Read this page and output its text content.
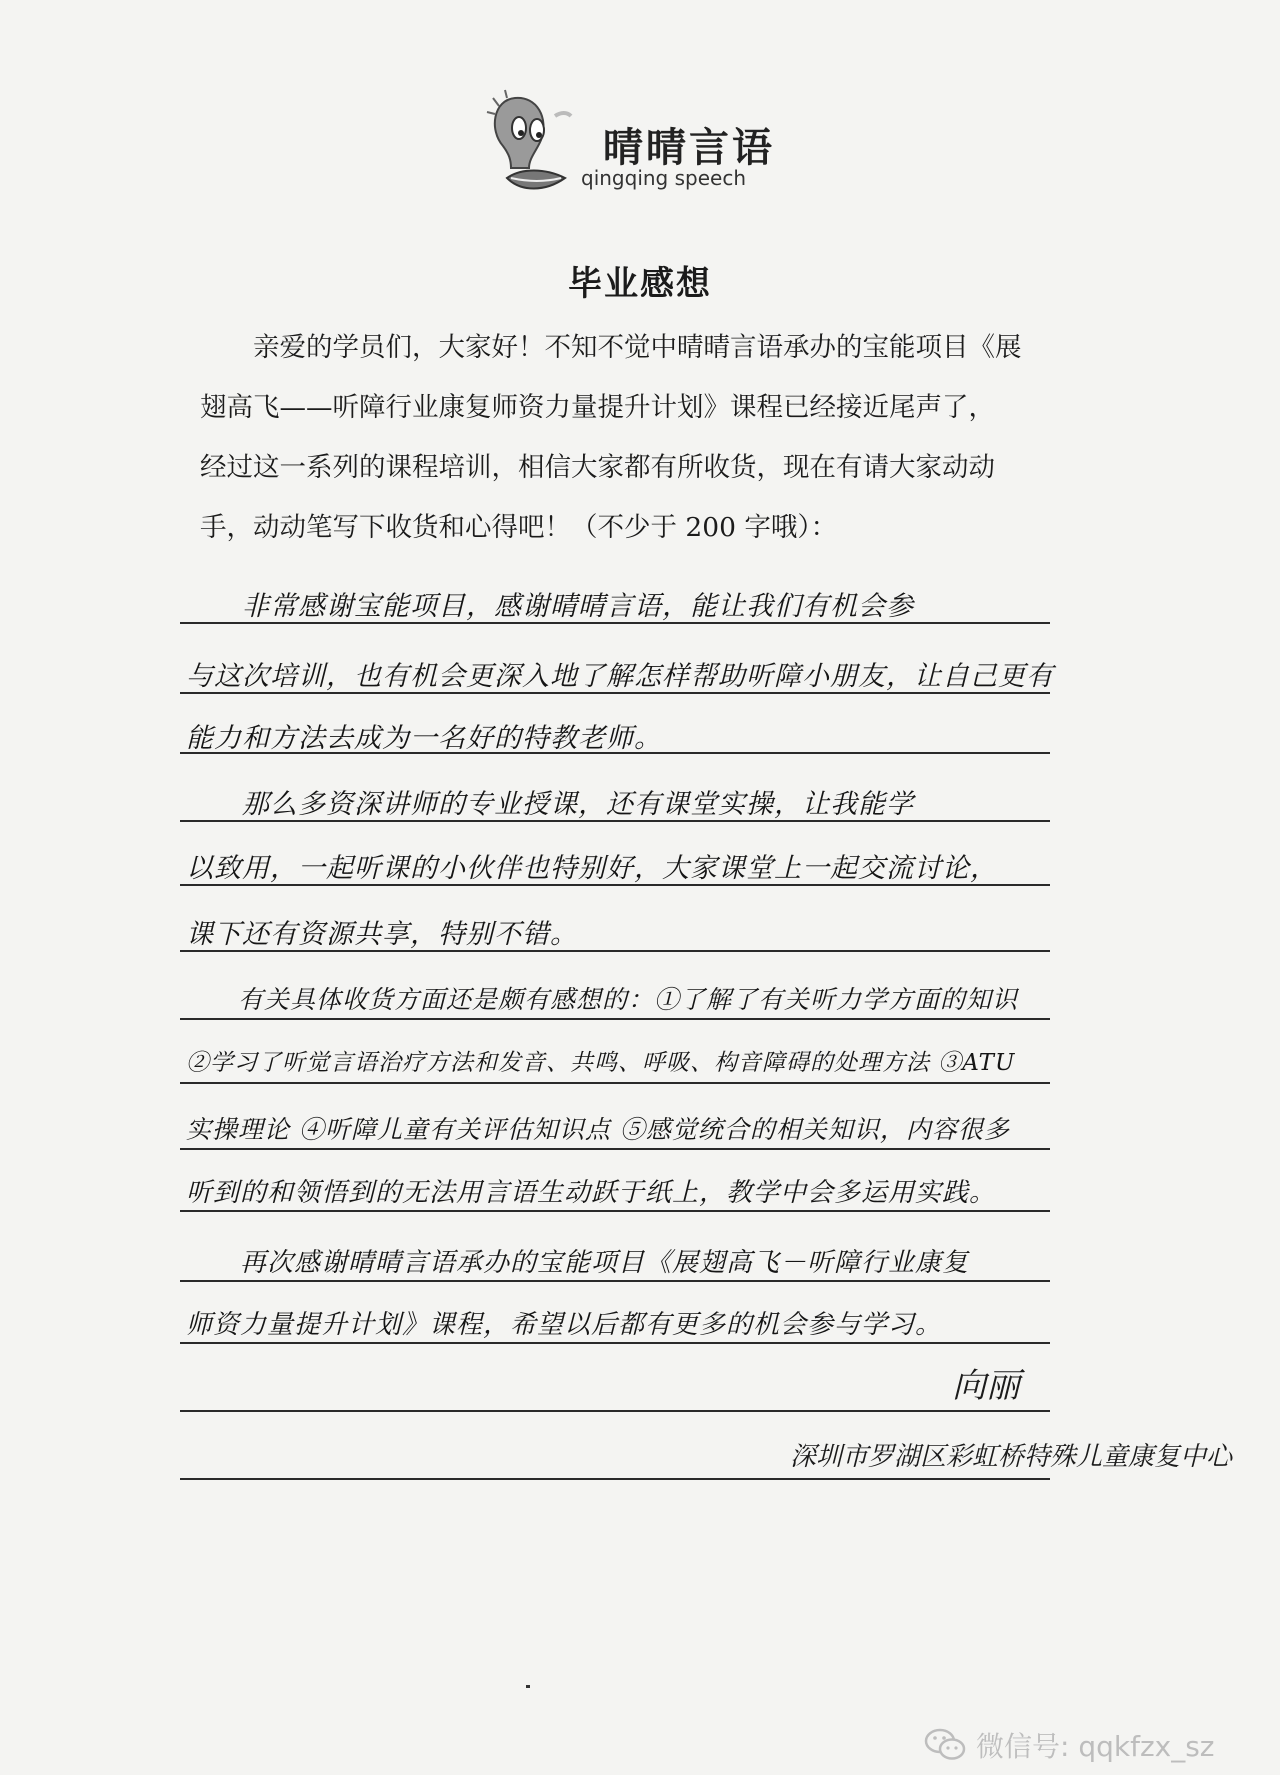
晴晴言语
qingqing speech
毕业感想
　　亲爱的学员们，大家好！不知不觉中晴晴言语承办的宝能项目《展
翅高飞——听障行业康复师资力量提升计划》课程已经接近尾声了，
经过这一系列的课程培训，相信大家都有所收货，现在有请大家动动
手，动动笔写下收货和心得吧！（不少于 200 字哦）：
　　非常感谢宝能项目，感谢晴晴言语，能让我们有机会参
与这次培训，也有机会更深入地了解怎样帮助听障小朋友，让自己更有
能力和方法去成为一名好的特教老师。
　　那么多资深讲师的专业授课，还有课堂实操，让我能学
以致用，一起听课的小伙伴也特别好，大家课堂上一起交流讨论，
课下还有资源共享，特别不错。
　　有关具体收货方面还是颇有感想的：①了解了有关听力学方面的知识
②学习了听觉言语治疗方法和发音、共鸣、呼吸、构音障碍的处理方法 ③ATU
实操理论 ④听障儿童有关评估知识点 ⑤感觉统合的相关知识，内容很多
听到的和领悟到的无法用言语生动跃于纸上，教学中会多运用实践。
　　再次感谢晴晴言语承办的宝能项目《展翅高飞－听障行业康复
师资力量提升计划》课程，希望以后都有更多的机会参与学习。
向丽
深圳市罗湖区彩虹桥特殊儿童康复中心
微信号: qqkfzx_sz
